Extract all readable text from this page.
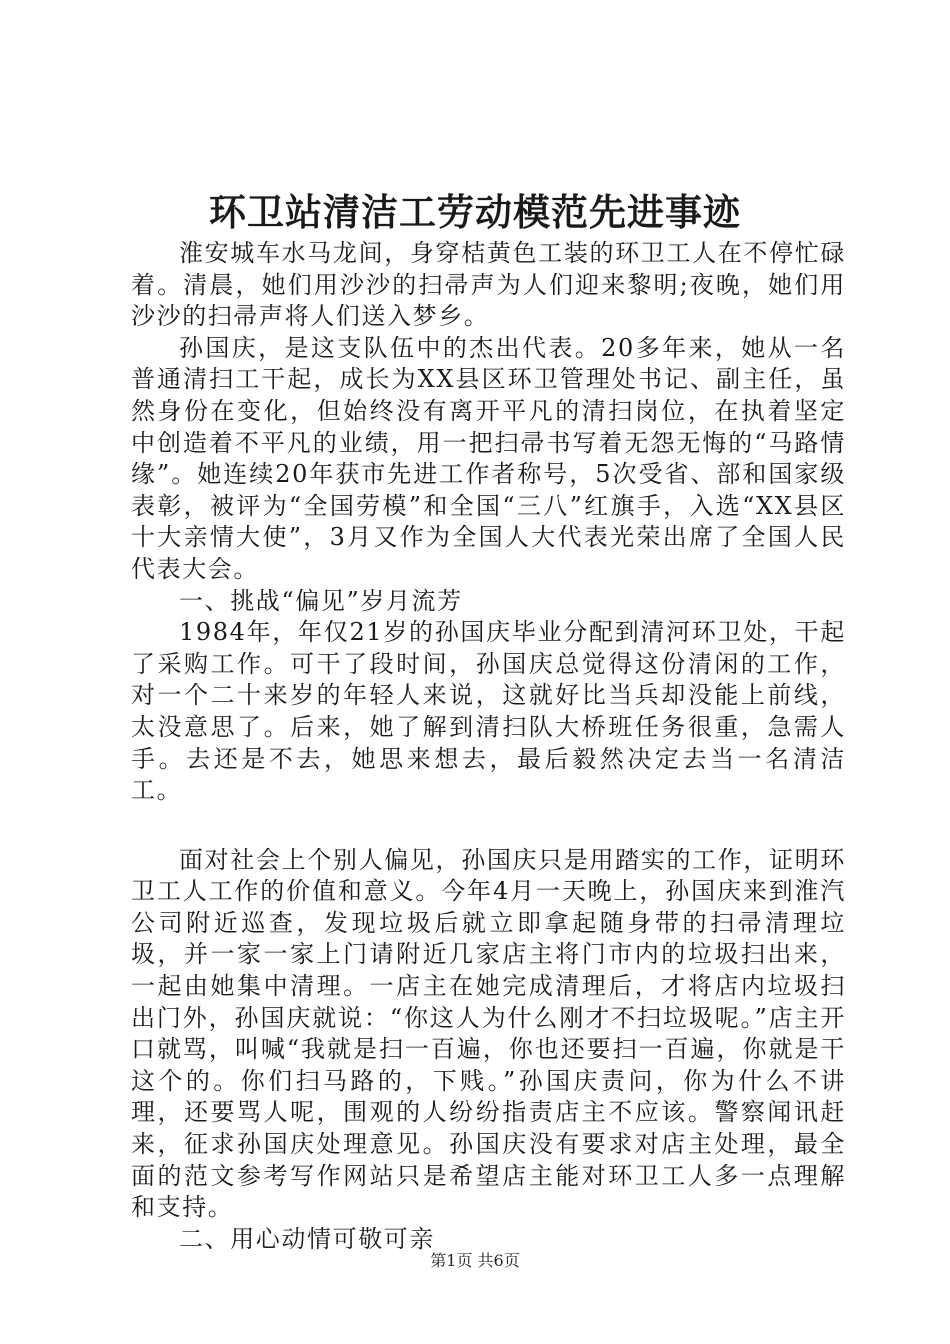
环卫站清洁工劳动模范先进事迹

淮安城车水马龙间，身穿桔黄色工装的环卫工人在不停忙碌着。清晨，她们用沙沙的扫帚声为人们迎来黎明;夜晚，她们用沙沙的扫帚声将人们送入梦乡。

孙国庆，是这支队伍中的杰出代表。20多年来，她从一名普通清扫工干起，成长为XX县区环卫管理处书记、副主任，虽然身份在变化，但始终没有离开平凡的清扫岗位，在执着坚定中创造着不平凡的业绩，用一把扫帚书写着无怨无悔的“马路情缘”。她连续20年获市先进工作者称号，5次受省、部和国家级表彰，被评为“全国劳模”和全国“三八”红旗手，入选“XX县区十大亲情大使”，3月又作为全国人大代表光荣出席了全国人民代表大会。

一、挑战“偏见”岁月流芳

1984年，年仅21岁的孙国庆毕业分配到清河环卫处，干起了采购工作。可干了段时间，孙国庆总觉得这份清闲的工作，对一个二十来岁的年轻人来说，这就好比当兵却没能上前线，太没意思了。后来，她了解到清扫队大桥班任务很重，急需人手。去还是不去，她思来想去，最后毅然决定去当一名清洁工。

面对社会上个别人偏见，孙国庆只是用踏实的工作，证明环卫工人工作的价值和意义。今年4月一天晚上，孙国庆来到淮汽公司附近巡查，发现垃圾后就立即拿起随身带的扫帚清理垃圾，并一家一家上门请附近几家店主将门市内的垃圾扫出来，一起由她集中清理。一店主在她完成清理后，才将店内垃圾扫出门外，孙国庆就说：“你这人为什么刚才不扫垃圾呢。”店主开口就骂，叫喊“我就是扫一百遍，你也还要扫一百遍，你就是干这个的。你们扫马路的，下贱。”孙国庆责问，你为什么不讲理，还要骂人呢，围观的人纷纷指责店主不应该。警察闻讯赶来，征求孙国庆处理意见。孙国庆没有要求对店主处理，最全面的范文参考写作网站只是希望店主能对环卫工人多一点理解和支持。

二、用心动情可敬可亲

第1页 共6页
